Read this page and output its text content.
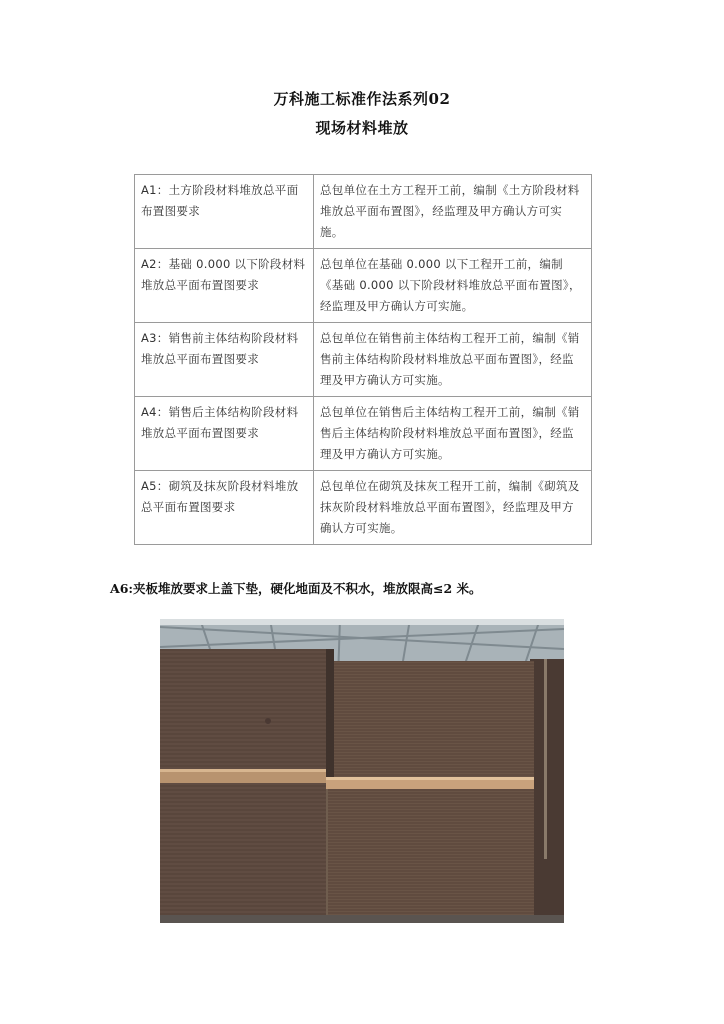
万科施工标准作法系列02
现场材料堆放
A1：土方阶段材料堆放总平面布置图要求	总包单位在土方工程开工前，编制《土方阶段材料堆放总平面布置图》，经监理及甲方确认方可实施。
A2：基础 0.000 以下阶段材料堆放总平面布置图要求	总包单位在基础 0.000 以下工程开工前，编制《基础 0.000 以下阶段材料堆放总平面布置图》，经监理及甲方确认方可实施。
A3：销售前主体结构阶段材料堆放总平面布置图要求	总包单位在销售前主体结构工程开工前，编制《销售前主体结构阶段材料堆放总平面布置图》，经监理及甲方确认方可实施。
A4：销售后主体结构阶段材料堆放总平面布置图要求	总包单位在销售后主体结构工程开工前，编制《销售后主体结构阶段材料堆放总平面布置图》，经监理及甲方确认方可实施。
A5：砌筑及抹灰阶段材料堆放总平面布置图要求	总包单位在砌筑及抹灰工程开工前，编制《砌筑及抹灰阶段材料堆放总平面布置图》，经监理及甲方确认方可实施。
A6:夹板堆放要求上盖下垫，硬化地面及不积水，堆放限高≤2 米。
